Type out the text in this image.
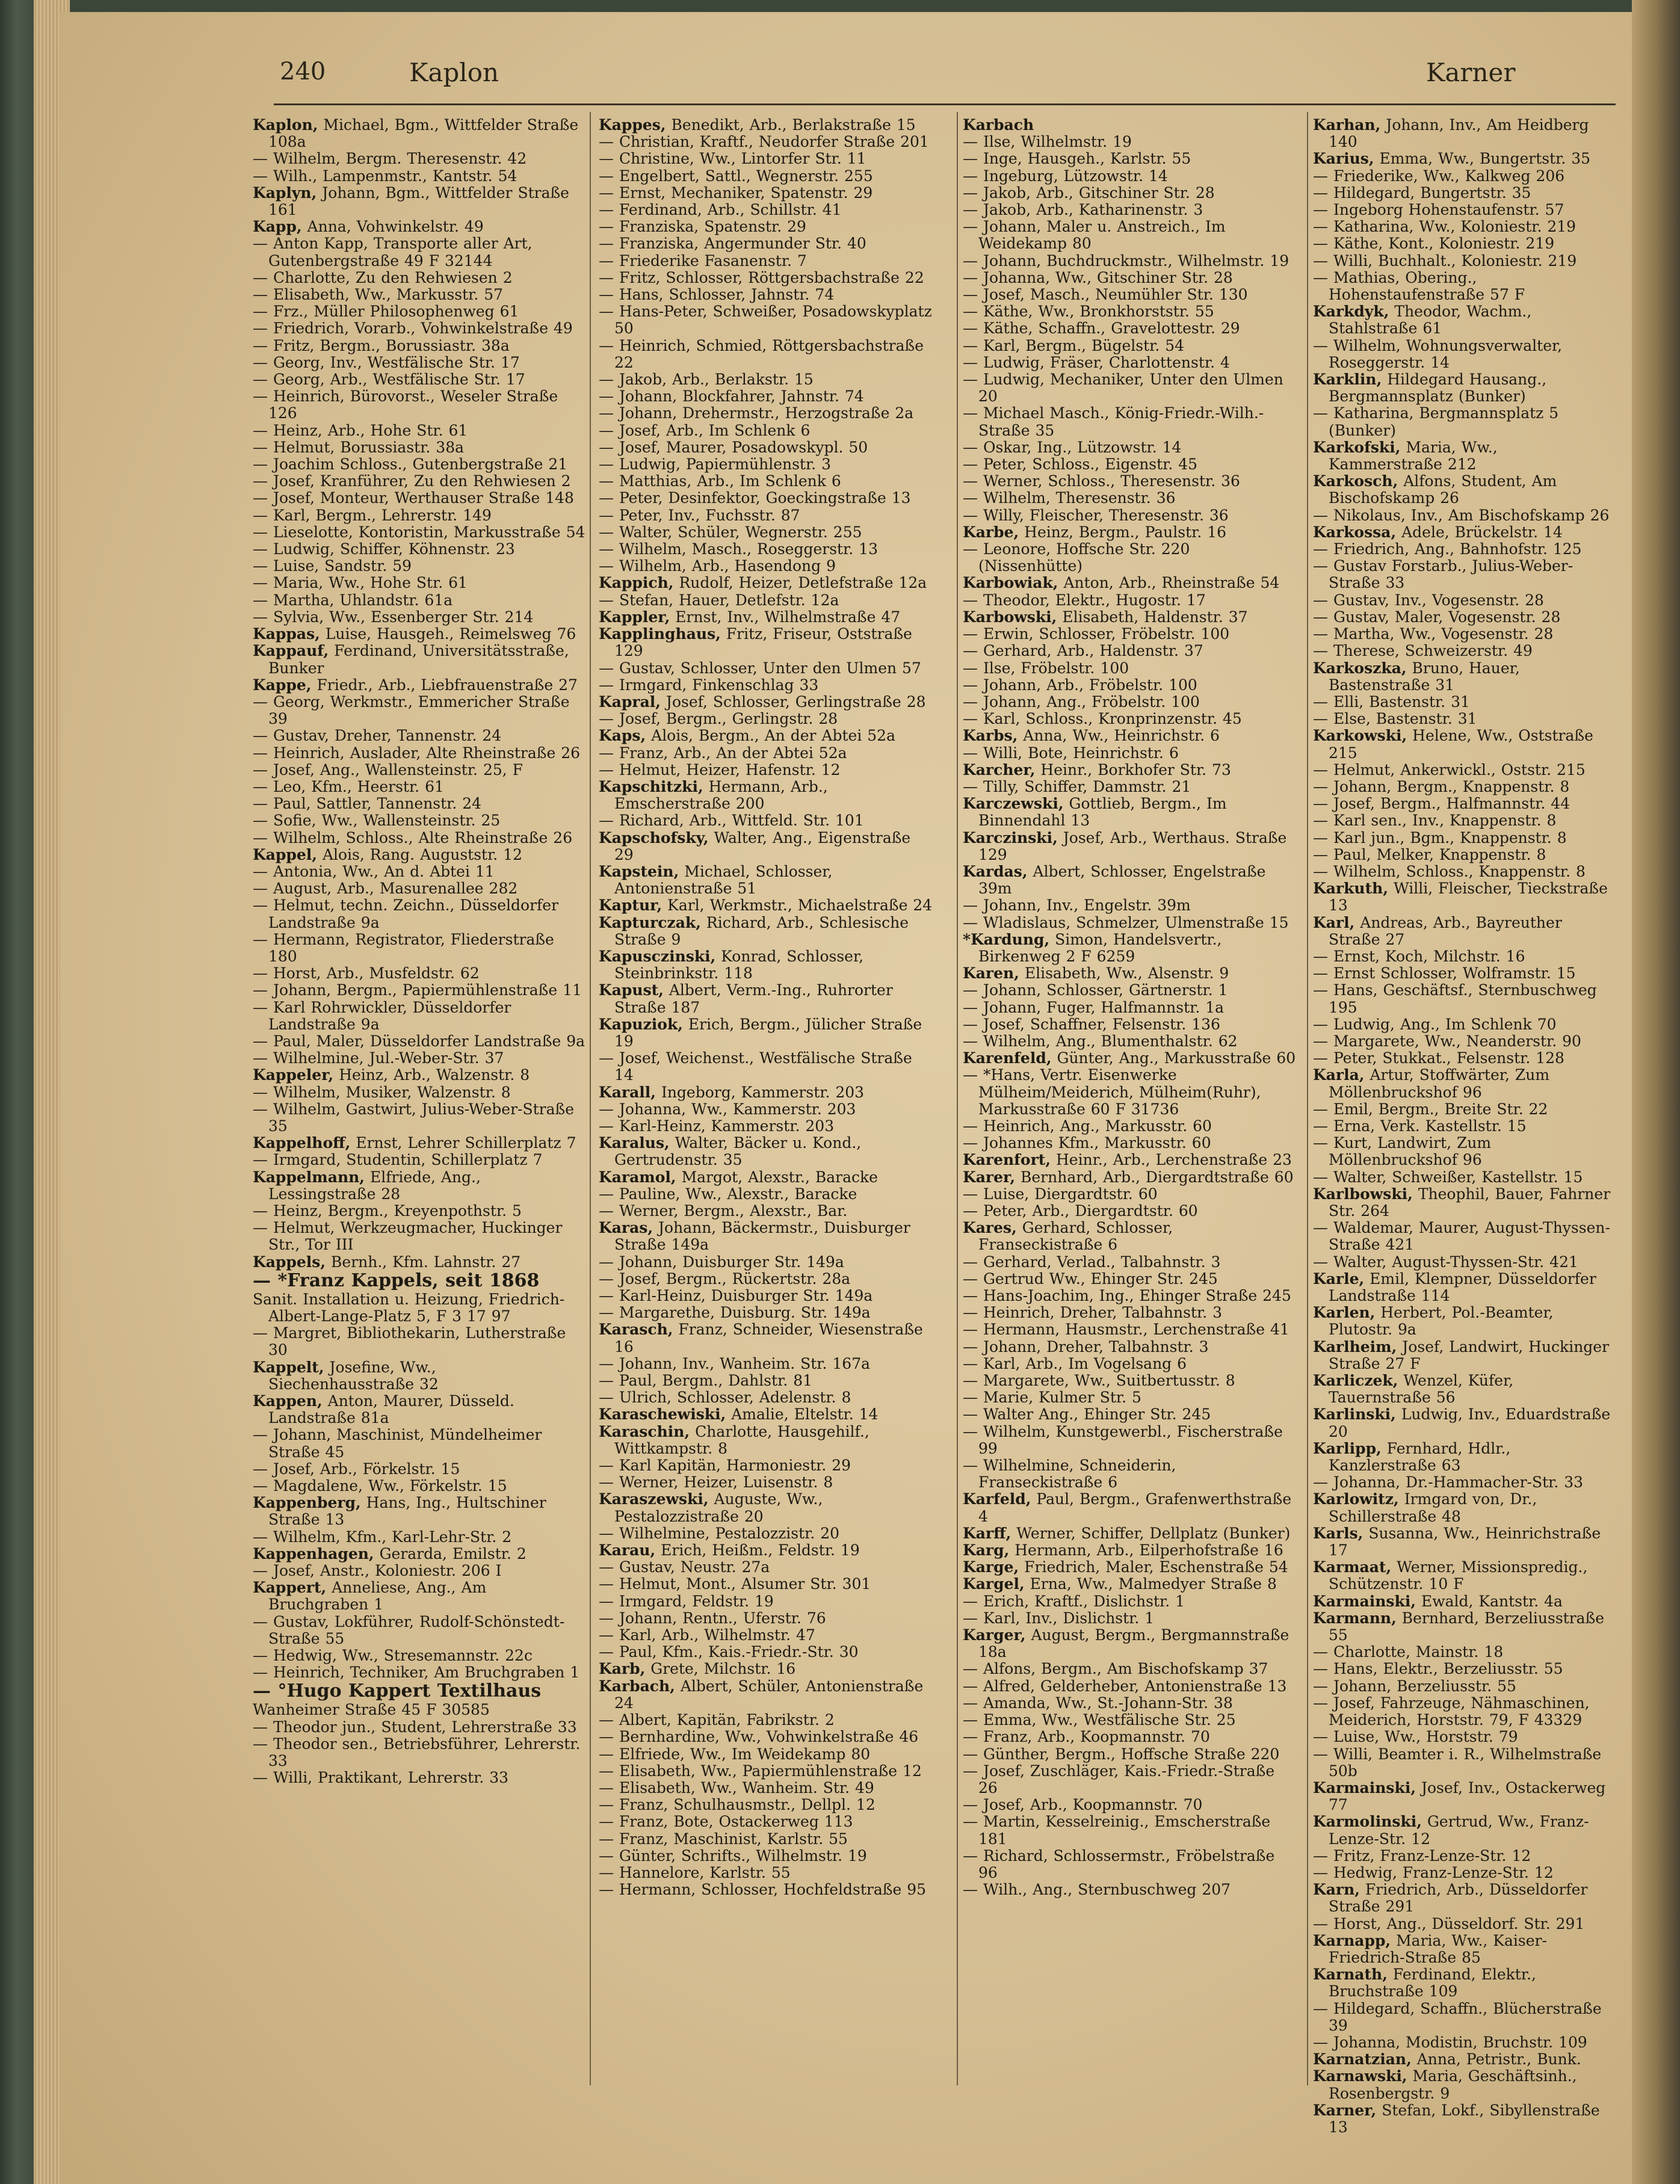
240	Kaplon	Karner
Kaplon, Michael, Bgm., Wittfelder Straße 108a
— Wilhelm, Bergm. Theresenstr. 42
— Wilh., Lampenmstr., Kantstr. 54
Kaplyn, Johann, Bgm., Wittfelder Straße 161
Kapp, Anna, Vohwinkelstr. 49
— Anton Kapp, Transporte aller Art, Gutenbergstraße 49 F 32144
— Charlotte, Zu den Rehwiesen 2
— Elisabeth, Ww., Markusstr. 57
— Frz., Müller Philosophenweg 61
— Friedrich, Vorarb., Vohwinkelstraße 49
— Fritz, Bergm., Borussiastr. 38a
— Georg, Inv., Westfälische Str. 17
— Georg, Arb., Westfälische Str. 17
— Heinrich, Bürovorst., Weseler Straße 126
— Heinz, Arb., Hohe Str. 61
— Helmut, Borussiastr. 38a
— Joachim Schloss., Gutenbergstraße 21
— Josef, Kranführer, Zu den Rehwiesen 2
— Josef, Monteur, Werthauser Straße 148
— Karl, Bergm., Lehrerstr. 149
— Lieselotte, Kontoristin, Markusstraße 54
— Ludwig, Schiffer, Köhnenstr. 23
— Luise, Sandstr. 59
— Maria, Ww., Hohe Str. 61
— Martha, Uhlandstr. 61a
— Sylvia, Ww., Essenberger Str. 214
Kappas, Luise, Hausgeh., Reimelsweg 76
Kappauf, Ferdinand, Universitätsstraße, Bunker
Kappe, Friedr., Arb., Liebfrauenstraße 27
— Georg, Werkmstr., Emmericher Straße 39
— Gustav, Dreher, Tannenstr. 24
— Heinrich, Auslader, Alte Rheinstraße 26
— Josef, Ang., Wallensteinstr. 25, F
— Leo, Kfm., Heerstr. 61
— Paul, Sattler, Tannenstr. 24
— Sofie, Ww., Wallensteinstr. 25
— Wilhelm, Schloss., Alte Rheinstraße 26
Kappel, Alois, Rang. Auguststr. 12
— Antonia, Ww., An d. Abtei 11
— August, Arb., Masurenallee 282
— Helmut, techn. Zeichn., Düsseldorfer Landstraße 9a
— Hermann, Registrator, Fliederstraße 180
— Horst, Arb., Musfeldstr. 62
— Johann, Bergm., Papiermühlenstraße 11
— Karl Rohrwickler, Düsseldorfer Landstraße 9a
— Paul, Maler, Düsseldorfer Landstraße 9a
— Wilhelmine, Jul.-Weber-Str. 37
Kappeler, Heinz, Arb., Walzenstr. 8
— Wilhelm, Musiker, Walzenstr. 8
— Wilhelm, Gastwirt, Julius-Weber-Straße 35
Kappelhoff, Ernst, Lehrer Schillerplatz 7
— Irmgard, Studentin, Schillerplatz 7
Kappelmann, Elfriede, Ang., Lessingstraße 28
— Heinz, Bergm., Kreyenpothstr. 5
— Helmut, Werkzeugmacher, Huckinger Str., Tor III
Kappels, Bernh., Kfm. Lahnstr. 27
— *Franz Kappels, seit 1868
Sanit. Installation u. Heizung, Friedrich-Albert-Lange-Platz 5, F 3 17 97
— Margret, Bibliothekarin, Lutherstraße 30
Kappelt, Josefine, Ww., Siechenhausstraße 32
Kappen, Anton, Maurer, Düsseld. Landstraße 81a
— Johann, Maschinist, Mündelheimer Straße 45
— Josef, Arb., Förkelstr. 15
— Magdalene, Ww., Förkelstr. 15
Kappenberg, Hans, Ing., Hultschiner Straße 13
— Wilhelm, Kfm., Karl-Lehr-Str. 2
Kappenhagen, Gerarda, Emilstr. 2
— Josef, Anstr., Koloniestr. 206 I
Kappert, Anneliese, Ang., Am Bruchgraben 1
— Gustav, Lokführer, Rudolf-Schönstedt-Straße 55
— Hedwig, Ww., Stresemannstr. 22c
— Heinrich, Techniker, Am Bruchgraben 1
— °Hugo Kappert Textilhaus
Wanheimer Straße 45 F 30585
— Theodor jun., Student, Lehrerstraße 33
— Theodor sen., Betriebsführer, Lehrerstr. 33
— Willi, Praktikant, Lehrerstr. 33
Kappes, Benedikt, Arb., Berlakstraße 15
— Christian, Kraftf., Neudorfer Straße 201
— Christine, Ww., Lintorfer Str. 11
— Engelbert, Sattl., Wegnerstr. 255
— Ernst, Mechaniker, Spatenstr. 29
— Ferdinand, Arb., Schillstr. 41
— Franziska, Spatenstr. 29
— Franziska, Angermunder Str. 40
— Friederike Fasanenstr. 7
— Fritz, Schlosser, Röttgersbachstraße 22
— Hans, Schlosser, Jahnstr. 74
— Hans-Peter, Schweißer, Posadowskyplatz 50
— Heinrich, Schmied, Röttgersbachstraße 22
— Jakob, Arb., Berlakstr. 15
— Johann, Blockfahrer, Jahnstr. 74
— Johann, Drehermstr., Herzogstraße 2a
— Josef, Arb., Im Schlenk 6
— Josef, Maurer, Posadowskypl. 50
— Ludwig, Papiermühlenstr. 3
— Matthias, Arb., Im Schlenk 6
— Peter, Desinfektor, Goeckingstraße 13
— Peter, Inv., Fuchsstr. 87
— Walter, Schüler, Wegnerstr. 255
— Wilhelm, Masch., Roseggerstr. 13
— Wilhelm, Arb., Hasendong 9
Kappich, Rudolf, Heizer, Detlefstraße 12a
— Stefan, Hauer, Detlefstr. 12a
Kappler, Ernst, Inv., Wilhelmstraße 47
Kapplinghaus, Fritz, Friseur, Oststraße 129
— Gustav, Schlosser, Unter den Ulmen 57
— Irmgard, Finkenschlag 33
Kapral, Josef, Schlosser, Gerlingstraße 28
— Josef, Bergm., Gerlingstr. 28
Kaps, Alois, Bergm., An der Abtei 52a
— Franz, Arb., An der Abtei 52a
— Helmut, Heizer, Hafenstr. 12
Kapschitzki, Hermann, Arb., Emscherstraße 200
— Richard, Arb., Wittfeld. Str. 101
Kapschofsky, Walter, Ang., Eigenstraße 29
Kapstein, Michael, Schlosser, Antonienstraße 51
Kaptur, Karl, Werkmstr., Michaelstraße 24
Kapturczak, Richard, Arb., Schlesische Straße 9
Kapusczinski, Konrad, Schlosser, Steinbrinkstr. 118
Kapust, Albert, Verm.-Ing., Ruhrorter Straße 187
Kapuziok, Erich, Bergm., Jülicher Straße 19
— Josef, Weichenst., Westfälische Straße 14
Karall, Ingeborg, Kammerstr. 203
— Johanna, Ww., Kammerstr. 203
— Karl-Heinz, Kammerstr. 203
Karalus, Walter, Bäcker u. Kond., Gertrudenstr. 35
Karamol, Margot, Alexstr., Baracke
— Pauline, Ww., Alexstr., Baracke
— Werner, Bergm., Alexstr., Bar.
Karas, Johann, Bäckermstr., Duisburger Straße 149a
— Johann, Duisburger Str. 149a
— Josef, Bergm., Rückertstr. 28a
— Karl-Heinz, Duisburger Str. 149a
— Margarethe, Duisburg. Str. 149a
Karasch, Franz, Schneider, Wiesenstraße 16
— Johann, Inv., Wanheim. Str. 167a
— Paul, Bergm., Dahlstr. 81
— Ulrich, Schlosser, Adelenstr. 8
Karaschewiski, Amalie, Eltelstr. 14
Karaschin, Charlotte, Hausgehilf., Wittkampstr. 8
— Karl Kapitän, Harmoniestr. 29
— Werner, Heizer, Luisenstr. 8
Karaszewski, Auguste, Ww., Pestalozzistraße 20
— Wilhelmine, Pestalozzistr. 20
Karau, Erich, Heißm., Feldstr. 19
— Gustav, Neustr. 27a
— Helmut, Mont., Alsumer Str. 301
— Irmgard, Feldstr. 19
— Johann, Rentn., Uferstr. 76
— Karl, Arb., Wilhelmstr. 47
— Paul, Kfm., Kais.-Friedr.-Str. 30
Karb, Grete, Milchstr. 16
Karbach, Albert, Schüler, Antonienstraße 24
— Albert, Kapitän, Fabrikstr. 2
— Bernhardine, Ww., Vohwinkelstraße 46
— Elfriede, Ww., Im Weidekamp 80
— Elisabeth, Ww., Papiermühlenstraße 12
— Elisabeth, Ww., Wanheim. Str. 49
— Franz, Schulhausmstr., Dellpl. 12
— Franz, Bote, Ostackerweg 113
— Franz, Maschinist, Karlstr. 55
— Günter, Schrifts., Wilhelmstr. 19
— Hannelore, Karlstr. 55
— Hermann, Schlosser, Hochfeldstraße 95
Karbach
— Ilse, Wilhelmstr. 19
— Inge, Hausgeh., Karlstr. 55
— Ingeburg, Lützowstr. 14
— Jakob, Arb., Gitschiner Str. 28
— Jakob, Arb., Katharinenstr. 3
— Johann, Maler u. Anstreich., Im Weidekamp 80
— Johann, Buchdruckmstr., Wilhelmstr. 19
— Johanna, Ww., Gitschiner Str. 28
— Josef, Masch., Neumühler Str. 130
— Käthe, Ww., Bronkhorststr. 55
— Käthe, Schaffn., Gravelottestr. 29
— Karl, Bergm., Bügelstr. 54
— Ludwig, Fräser, Charlottenstr. 4
— Ludwig, Mechaniker, Unter den Ulmen 20
— Michael Masch., König-Friedr.-Wilh.-Straße 35
— Oskar, Ing., Lützowstr. 14
— Peter, Schloss., Eigenstr. 45
— Werner, Schloss., Theresenstr. 36
— Wilhelm, Theresenstr. 36
— Willy, Fleischer, Theresenstr. 36
Karbe, Heinz, Bergm., Paulstr. 16
— Leonore, Hoffsche Str. 220 (Nissenhütte)
Karbowiak, Anton, Arb., Rheinstraße 54
— Theodor, Elektr., Hugostr. 17
Karbowski, Elisabeth, Haldenstr. 37
— Erwin, Schlosser, Fröbelstr. 100
— Gerhard, Arb., Haldenstr. 37
— Ilse, Fröbelstr. 100
— Johann, Arb., Fröbelstr. 100
— Johann, Ang., Fröbelstr. 100
— Karl, Schloss., Kronprinzenstr. 45
Karbs, Anna, Ww., Heinrichstr. 6
— Willi, Bote, Heinrichstr. 6
Karcher, Heinr., Borkhofer Str. 73
— Tilly, Schiffer, Dammstr. 21
Karczewski, Gottlieb, Bergm., Im Binnendahl 13
Karczinski, Josef, Arb., Werthaus. Straße 129
Kardas, Albert, Schlosser, Engelstraße 39m
— Johann, Inv., Engelstr. 39m
— Wladislaus, Schmelzer, Ulmenstraße 15
*Kardung, Simon, Handelsvertr., Birkenweg 2 F 6259
Karen, Elisabeth, Ww., Alsenstr. 9
— Johann, Schlosser, Gärtnerstr. 1
— Johann, Fuger, Halfmannstr. 1a
— Josef, Schaffner, Felsenstr. 136
— Wilhelm, Ang., Blumenthalstr. 62
Karenfeld, Günter, Ang., Markusstraße 60
— *Hans, Vertr. Eisenwerke Mülheim/Meiderich, Mülheim(Ruhr), Markusstraße 60 F 31736
— Heinrich, Ang., Markusstr. 60
— Johannes Kfm., Markusstr. 60
Karenfort, Heinr., Arb., Lerchenstraße 23
Karer, Bernhard, Arb., Diergardtstraße 60
— Luise, Diergardtstr. 60
— Peter, Arb., Diergardtstr. 60
Kares, Gerhard, Schlosser, Franseckistraße 6
— Gerhard, Verlad., Talbahnstr. 3
— Gertrud Ww., Ehinger Str. 245
— Hans-Joachim, Ing., Ehinger Straße 245
— Heinrich, Dreher, Talbahnstr. 3
— Hermann, Hausmstr., Lerchenstraße 41
— Johann, Dreher, Talbahnstr. 3
— Karl, Arb., Im Vogelsang 6
— Margarete, Ww., Suitbertusstr. 8
— Marie, Kulmer Str. 5
— Walter Ang., Ehinger Str. 245
— Wilhelm, Kunstgewerbl., Fischerstraße 99
— Wilhelmine, Schneiderin, Franseckistraße 6
Karfeld, Paul, Bergm., Grafenwerthstraße 4
Karff, Werner, Schiffer, Dellplatz (Bunker)
Karg, Hermann, Arb., Eilperhofstraße 16
Karge, Friedrich, Maler, Eschenstraße 54
Kargel, Erna, Ww., Malmedyer Straße 8
— Erich, Kraftf., Dislichstr. 1
— Karl, Inv., Dislichstr. 1
Karger, August, Bergm., Bergmannstraße 18a
— Alfons, Bergm., Am Bischofskamp 37
— Alfred, Gelderheber, Antonienstraße 13
— Amanda, Ww., St.-Johann-Str. 38
— Emma, Ww., Westfälische Str. 25
— Franz, Arb., Koopmannstr. 70
— Günther, Bergm., Hoffsche Straße 220
— Josef, Zuschläger, Kais.-Friedr.-Straße 26
— Josef, Arb., Koopmannstr. 70
— Martin, Kesselreinig., Emscherstraße 181
— Richard, Schlossermstr., Fröbelstraße 96
— Wilh., Ang., Sternbuschweg 207
Karhan, Johann, Inv., Am Heidberg 140
Karius, Emma, Ww., Bungertstr. 35
— Friederike, Ww., Kalkweg 206
— Hildegard, Bungertstr. 35
— Ingeborg Hohenstaufenstr. 57
— Katharina, Ww., Koloniestr. 219
— Käthe, Kont., Koloniestr. 219
— Willi, Buchhalt., Koloniestr. 219
— Mathias, Obering., Hohenstaufenstraße 57 F
Karkdyk, Theodor, Wachm., Stahlstraße 61
— Wilhelm, Wohnungsverwalter, Roseggerstr. 14
Karklin, Hildegard Hausang., Bergmannsplatz (Bunker)
— Katharina, Bergmannsplatz 5 (Bunker)
Karkofski, Maria, Ww., Kammerstraße 212
Karkosch, Alfons, Student, Am Bischofskamp 26
— Nikolaus, Inv., Am Bischofskamp 26
Karkossa, Adele, Brückelstr. 14
— Friedrich, Ang., Bahnhofstr. 125
— Gustav Forstarb., Julius-Weber-Straße 33
— Gustav, Inv., Vogesenstr. 28
— Gustav, Maler, Vogesenstr. 28
— Martha, Ww., Vogesenstr. 28
— Therese, Schweizerstr. 49
Karkoszka, Bruno, Hauer, Bastenstraße 31
— Elli, Bastenstr. 31
— Else, Bastenstr. 31
Karkowski, Helene, Ww., Oststraße 215
— Helmut, Ankerwickl., Oststr. 215
— Johann, Bergm., Knappenstr. 8
— Josef, Bergm., Halfmannstr. 44
— Karl sen., Inv., Knappenstr. 8
— Karl jun., Bgm., Knappenstr. 8
— Paul, Melker, Knappenstr. 8
— Wilhelm, Schloss., Knappenstr. 8
Karkuth, Willi, Fleischer, Tieckstraße 13
Karl, Andreas, Arb., Bayreuther Straße 27
— Ernst, Koch, Milchstr. 16
— Ernst Schlosser, Wolframstr. 15
— Hans, Geschäftsf., Sternbuschweg 195
— Ludwig, Ang., Im Schlenk 70
— Margarete, Ww., Neanderstr. 90
— Peter, Stukkat., Felsenstr. 128
Karla, Artur, Stoffwärter, Zum Möllenbruckshof 96
— Emil, Bergm., Breite Str. 22
— Erna, Verk. Kastellstr. 15
— Kurt, Landwirt, Zum Möllenbruckshof 96
— Walter, Schweißer, Kastellstr. 15
Karlbowski, Theophil, Bauer, Fahrner Str. 264
— Waldemar, Maurer, August-Thyssen-Straße 421
— Walter, August-Thyssen-Str. 421
Karle, Emil, Klempner, Düsseldorfer Landstraße 114
Karlen, Herbert, Pol.-Beamter, Plutostr. 9a
Karlheim, Josef, Landwirt, Huckinger Straße 27 F
Karliczek, Wenzel, Küfer, Tauernstraße 56
Karlinski, Ludwig, Inv., Eduardstraße 20
Karlipp, Fernhard, Hdlr., Kanzlerstraße 63
— Johanna, Dr.-Hammacher-Str. 33
Karlowitz, Irmgard von, Dr., Schillerstraße 48
Karls, Susanna, Ww., Heinrichstraße 17
Karmaat, Werner, Missionspredig., Schützenstr. 10 F
Karmainski, Ewald, Kantstr. 4a
Karmann, Bernhard, Berzeliusstraße 55
— Charlotte, Mainstr. 18
— Hans, Elektr., Berzeliusstr. 55
— Johann, Berzeliusstr. 55
— Josef, Fahrzeuge, Nähmaschinen, Meiderich, Horststr. 79, F 43329
— Luise, Ww., Horststr. 79
— Willi, Beamter i. R., Wilhelmstraße 50b
Karmainski, Josef, Inv., Ostackerweg 77
Karmolinski, Gertrud, Ww., Franz-Lenze-Str. 12
— Fritz, Franz-Lenze-Str. 12
— Hedwig, Franz-Lenze-Str. 12
Karn, Friedrich, Arb., Düsseldorfer Straße 291
— Horst, Ang., Düsseldorf. Str. 291
Karnapp, Maria, Ww., Kaiser-Friedrich-Straße 85
Karnath, Ferdinand, Elektr., Bruchstraße 109
— Hildegard, Schaffn., Blücherstraße 39
— Johanna, Modistin, Bruchstr. 109
Karnatzian, Anna, Petristr., Bunk.
Karnawski, Maria, Geschäftsinh., Rosenbergstr. 9
Karner, Stefan, Lokf., Sibyllenstraße 13
